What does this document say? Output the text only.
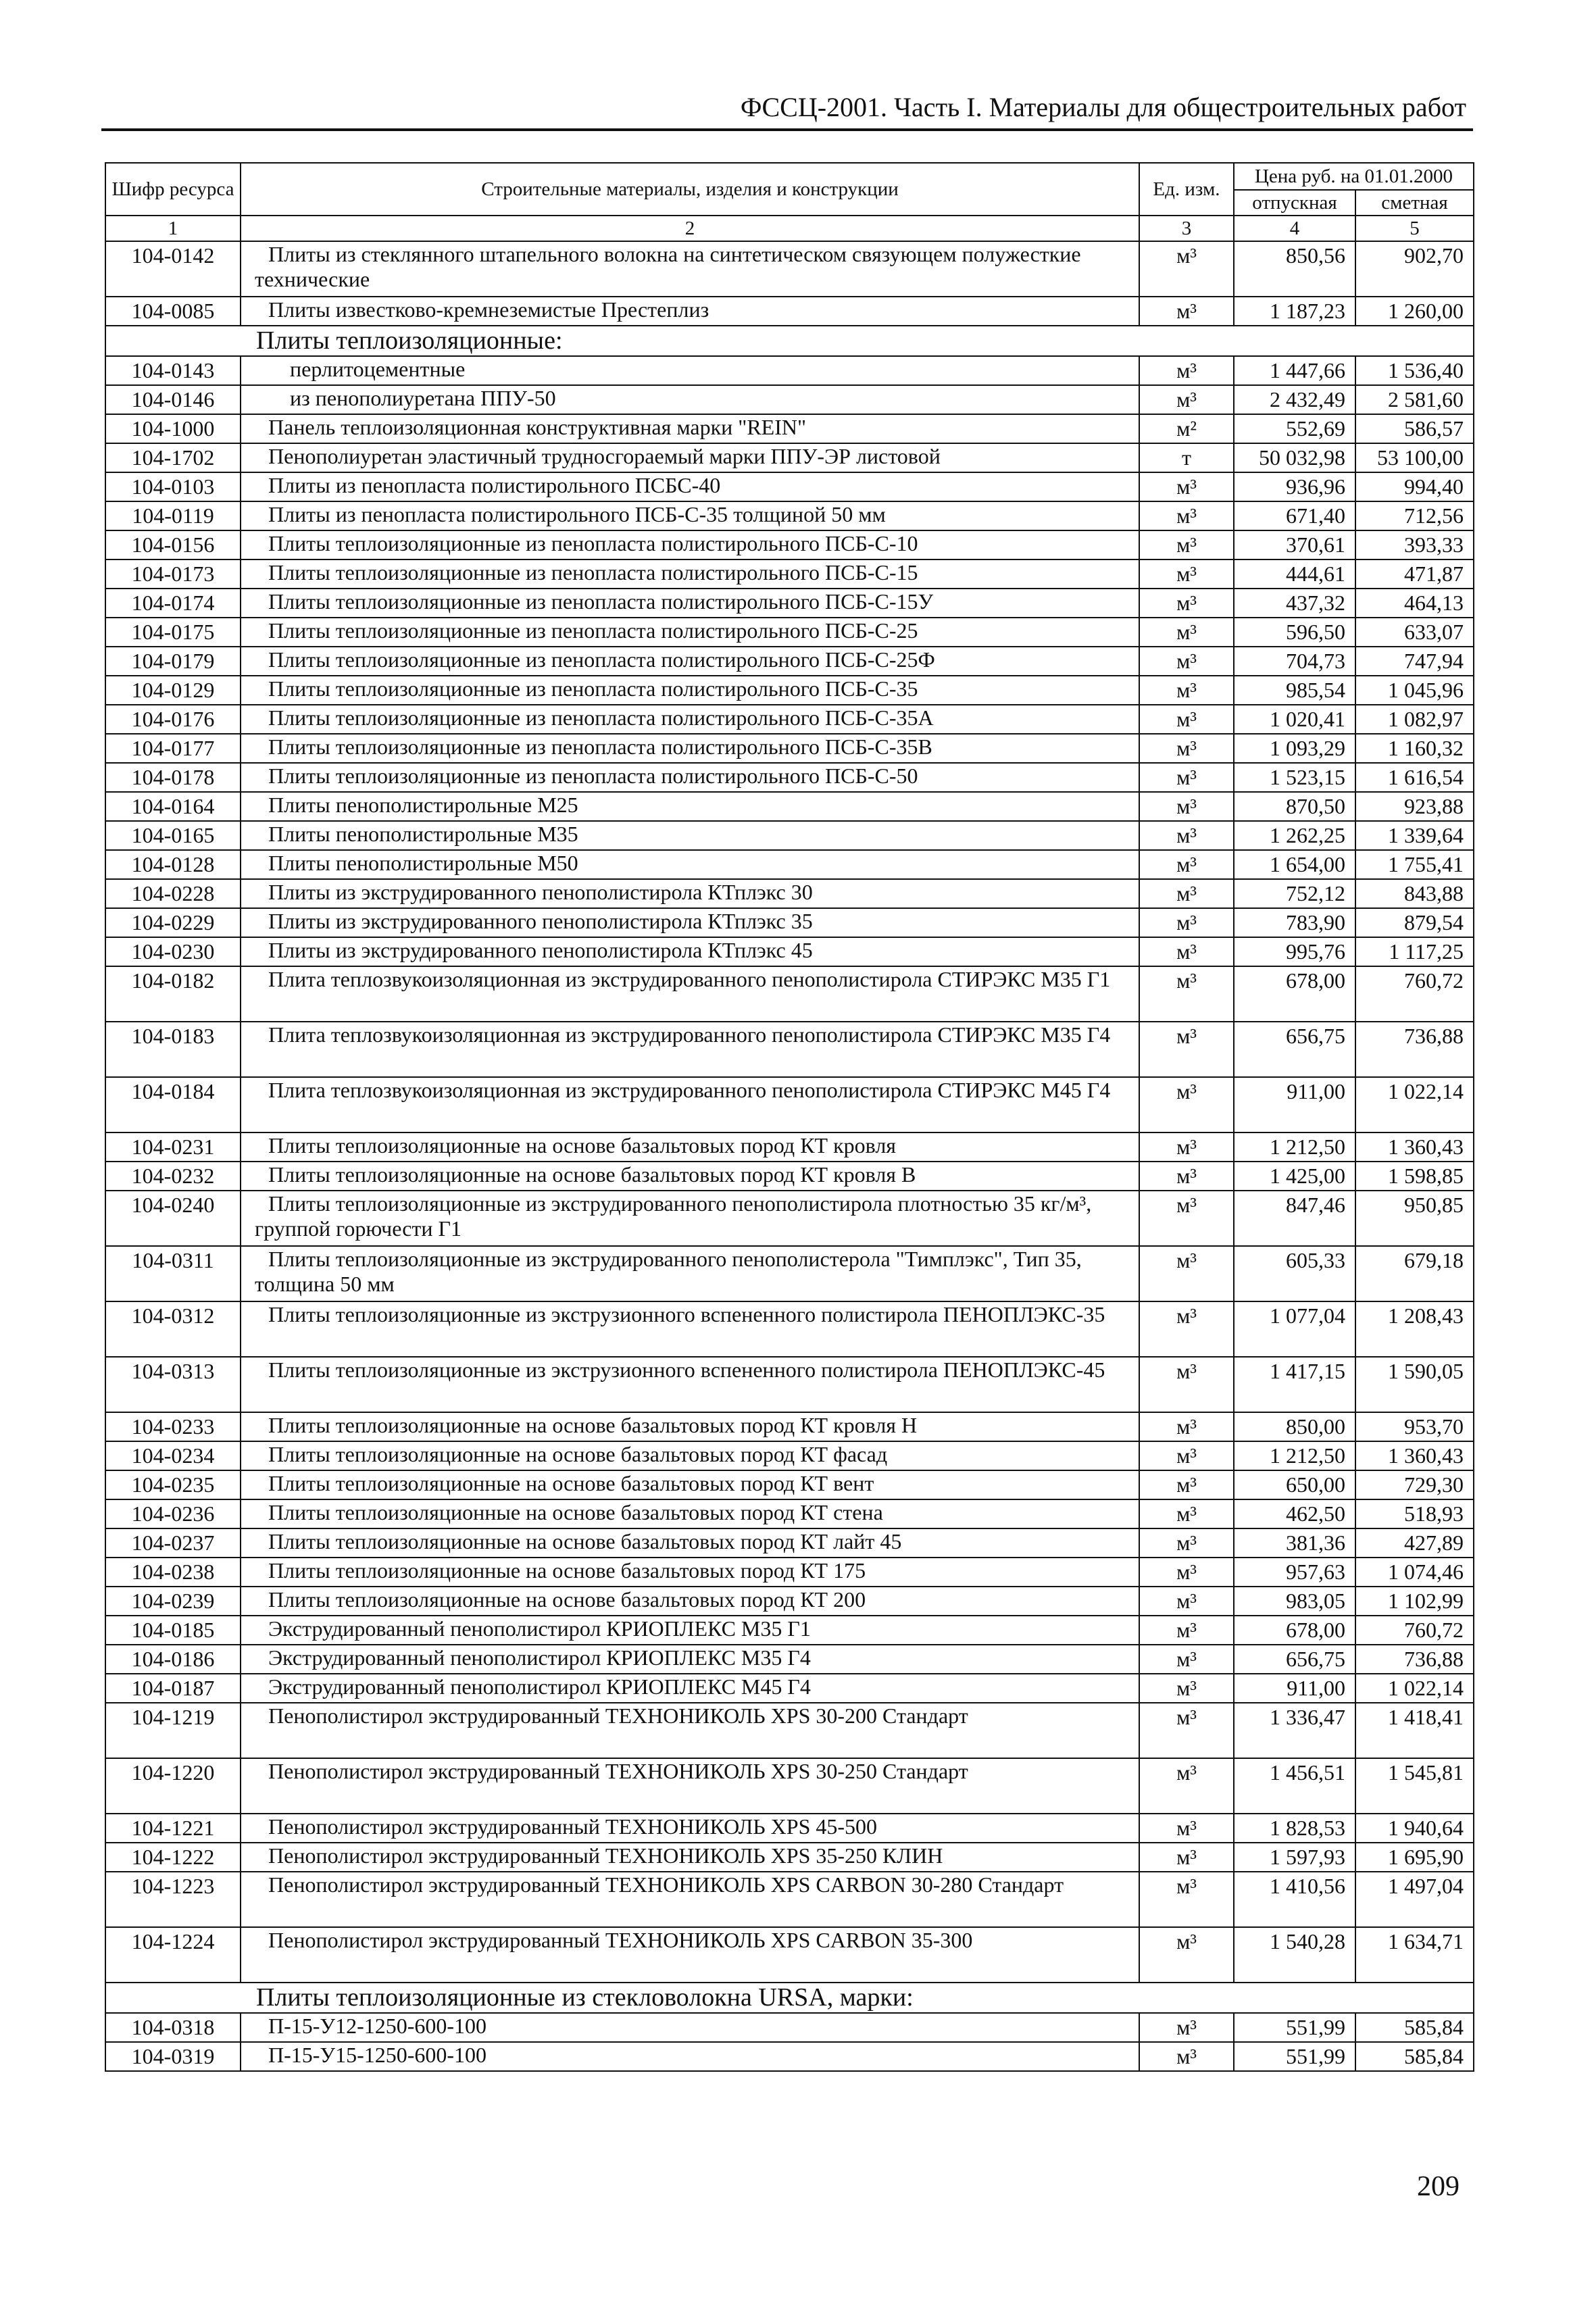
ФССЦ-2001. Часть I. Материалы для общестроительных работ
Шифр ресурса	Строительные материалы, изделия и конструкции	Ед. изм.	Цена руб. на 01.01.2000	
			отпускная	сметная
1	2	3	4	5
104-0142	Плиты из стеклянного штапельного волокна на синтетическом связующем полужесткие технические	м³	850,56	902,70
104-0085	Плиты известково-кремнеземистые Престеплиз	м³	1 187,23	1 260,00
Плиты теплоизоляционные:				
104-0143	перлитоцементные	м³	1 447,66	1 536,40
104-0146	из пенополиуретана ППУ-50	м³	2 432,49	2 581,60
104-1000	Панель теплоизоляционная конструктивная марки "REIN"	м²	552,69	586,57
104-1702	Пенополиуретан эластичный трудносгораемый марки ППУ-ЭР листовой	т	50 032,98	53 100,00
104-0103	Плиты из пенопласта полистирольного ПСБС-40	м³	936,96	994,40
104-0119	Плиты из пенопласта полистирольного ПСБ-С-35 толщиной 50 мм	м³	671,40	712,56
104-0156	Плиты теплоизоляционные из пенопласта полистирольного ПСБ-С-10	м³	370,61	393,33
104-0173	Плиты теплоизоляционные из пенопласта полистирольного ПСБ-С-15	м³	444,61	471,87
104-0174	Плиты теплоизоляционные из пенопласта полистирольного ПСБ-С-15У	м³	437,32	464,13
104-0175	Плиты теплоизоляционные из пенопласта полистирольного ПСБ-С-25	м³	596,50	633,07
104-0179	Плиты теплоизоляционные из пенопласта полистирольного ПСБ-С-25Ф	м³	704,73	747,94
104-0129	Плиты теплоизоляционные из пенопласта полистирольного ПСБ-С-35	м³	985,54	1 045,96
104-0176	Плиты теплоизоляционные из пенопласта полистирольного ПСБ-С-35А	м³	1 020,41	1 082,97
104-0177	Плиты теплоизоляционные из пенопласта полистирольного ПСБ-С-35В	м³	1 093,29	1 160,32
104-0178	Плиты теплоизоляционные из пенопласта полистирольного ПСБ-С-50	м³	1 523,15	1 616,54
104-0164	Плиты пенополистирольные М25	м³	870,50	923,88
104-0165	Плиты пенополистирольные М35	м³	1 262,25	1 339,64
104-0128	Плиты пенополистирольные М50	м³	1 654,00	1 755,41
104-0228	Плиты из экструдированного пенополистирола КТплэкс 30	м³	752,12	843,88
104-0229	Плиты из экструдированного пенополистирола КТплэкс 35	м³	783,90	879,54
104-0230	Плиты из экструдированного пенополистирола КТплэкс 45	м³	995,76	1 117,25
104-0182	Плита теплозвукоизоляционная из экструдированного пенополистирола СТИРЭКС М35 Г1	м³	678,00	760,72
104-0183	Плита теплозвукоизоляционная из экструдированного пенополистирола СТИРЭКС М35 Г4	м³	656,75	736,88
104-0184	Плита теплозвукоизоляционная из экструдированного пенополистирола СТИРЭКС М45 Г4	м³	911,00	1 022,14
104-0231	Плиты теплоизоляционные на основе базальтовых пород КТ кровля	м³	1 212,50	1 360,43
104-0232	Плиты теплоизоляционные на основе базальтовых пород КТ кровля В	м³	1 425,00	1 598,85
104-0240	Плиты теплоизоляционные из экструдированного пенополистирола плотностью 35 кг/м³, группой горючести Г1	м³	847,46	950,85
104-0311	Плиты теплоизоляционные из экструдированного пенополистерола "Тимплэкс", Тип 35, толщина 50 мм	м³	605,33	679,18
104-0312	Плиты теплоизоляционные из экструзионного вспененного полистирола ПЕНОПЛЭКС-35	м³	1 077,04	1 208,43
104-0313	Плиты теплоизоляционные из экструзионного вспененного полистирола ПЕНОПЛЭКС-45	м³	1 417,15	1 590,05
104-0233	Плиты теплоизоляционные на основе базальтовых пород КТ кровля Н	м³	850,00	953,70
104-0234	Плиты теплоизоляционные на основе базальтовых пород КТ фасад	м³	1 212,50	1 360,43
104-0235	Плиты теплоизоляционные на основе базальтовых пород КТ вент	м³	650,00	729,30
104-0236	Плиты теплоизоляционные на основе базальтовых пород КТ стена	м³	462,50	518,93
104-0237	Плиты теплоизоляционные на основе базальтовых пород КТ лайт 45	м³	381,36	427,89
104-0238	Плиты теплоизоляционные на основе базальтовых пород КТ 175	м³	957,63	1 074,46
104-0239	Плиты теплоизоляционные на основе базальтовых пород КТ 200	м³	983,05	1 102,99
104-0185	Экструдированный пенополистирол КРИОПЛЕКС М35 Г1	м³	678,00	760,72
104-0186	Экструдированный пенополистирол КРИОПЛЕКС М35 Г4	м³	656,75	736,88
104-0187	Экструдированный пенополистирол КРИОПЛЕКС М45 Г4	м³	911,00	1 022,14
104-1219	Пенополистирол экструдированный ТЕХНОНИКОЛЬ XPS 30-200 Стандарт	м³	1 336,47	1 418,41
104-1220	Пенополистирол экструдированный ТЕХНОНИКОЛЬ XPS 30-250 Стандарт	м³	1 456,51	1 545,81
104-1221	Пенополистирол экструдированный ТЕХНОНИКОЛЬ XPS 45-500	м³	1 828,53	1 940,64
104-1222	Пенополистирол экструдированный ТЕХНОНИКОЛЬ XPS 35-250 КЛИН	м³	1 597,93	1 695,90
104-1223	Пенополистирол экструдированный ТЕХНОНИКОЛЬ XPS CARBON 30-280 Стандарт	м³	1 410,56	1 497,04
104-1224	Пенополистирол экструдированный ТЕХНОНИКОЛЬ XPS CARBON 35-300	м³	1 540,28	1 634,71
Плиты теплоизоляционные из стекловолокна URSA, марки:				
104-0318	П-15-У12-1250-600-100	м³	551,99	585,84
104-0319	П-15-У15-1250-600-100	м³	551,99	585,84
209
